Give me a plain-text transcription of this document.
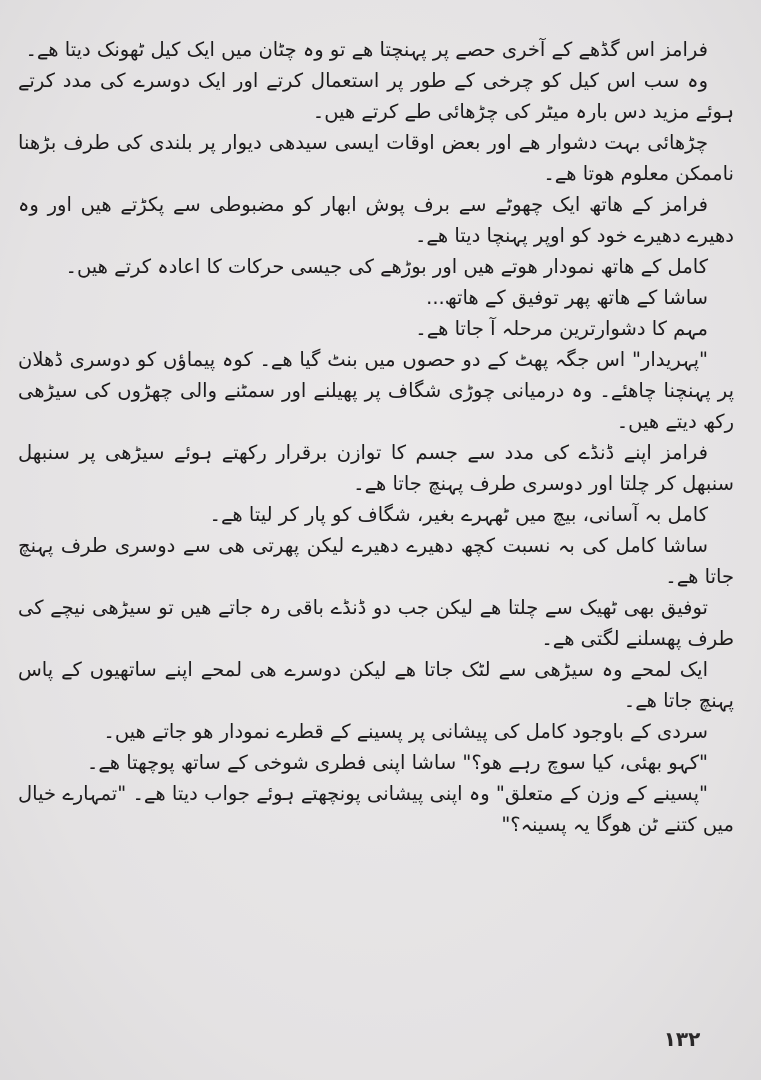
فرامز اس گڈھے کے آخری حصے پر پہنچتا ھے تو وہ چٹان میں ایک کیل ٹھونک دیتا ھے۔

وہ سب اس کیل کو چرخی کے طور پر استعمال کرتے اور ایک دوسرے کی مدد کرتے ہوئے مزید دس بارہ میٹر کی چڑھائی طے کرتے ھیں۔

چڑھائی بہت دشوار ھے اور بعض اوقات ایسی سیدھی دیوار پر بلندی کی طرف بڑھنا ناممکن معلوم ھوتا ھے۔

فرامز کے ھاتھ ایک چھوٹے سے برف پوش ابھار کو مضبوطی سے پکڑتے ھیں اور وہ دھیرے دھیرے خود کو اوپر پہنچا دیتا ھے۔

کامل کے ھاتھ نمودار ھوتے ھیں اور بوڑھے کی جیسی حرکات کا اعادہ کرتے ھیں۔

ساشا کے ھاتھ پھر توفیق کے ھاتھ...

مہم کا دشوارترین مرحلہ آ جاتا ھے۔

"پہریدار" اس جگہ پھٹ کے دو حصوں میں بنٹ گیا ھے۔ کوہ پیماؤں کو دوسری ڈھلان پر پہنچنا چاھئے۔ وہ درمیانی چوڑی شگاف پر پھیلنے اور سمٹنے والی چھڑوں کی سیڑھی رکھ دیتے ھیں۔

فرامز اپنے ڈنڈے کی مدد سے جسم کا توازن برقرار رکھتے ہوئے سیڑھی پر سنبھل سنبھل کر چلتا اور دوسری طرف پہنچ جاتا ھے۔

کامل بہ آسانی، بیچ میں ٹھہرے بغیر، شگاف کو پار کر لیتا ھے۔

ساشا کامل کی بہ نسبت کچھ دھیرے دھیرے لیکن پھرتی ھی سے دوسری طرف پہنچ جاتا ھے۔

توفیق بھی ٹھیک سے چلتا ھے لیکن جب دو ڈنڈے باقی رہ جاتے ھیں تو سیڑھی نیچے کی طرف پھسلنے لگتی ھے۔

ایک لمحے وہ سیڑھی سے لٹک جاتا ھے لیکن دوسرے ھی لمحے اپنے ساتھیوں کے پاس پہنچ جاتا ھے۔

سردی کے باوجود کامل کی پیشانی پر پسینے کے قطرے نمودار ھو جاتے ھیں۔

"کہو بھئی، کیا سوچ رہے ھو؟" ساشا اپنی فطری شوخی کے ساتھ پوچھتا ھے۔

"پسینے کے وزن کے متعلق" وہ اپنی پیشانی پونچھتے ہوئے جواب دیتا ھے۔ "تمہارے خیال میں کتنے ٹن ھوگا یہ پسینہ؟"

۱۳۲
